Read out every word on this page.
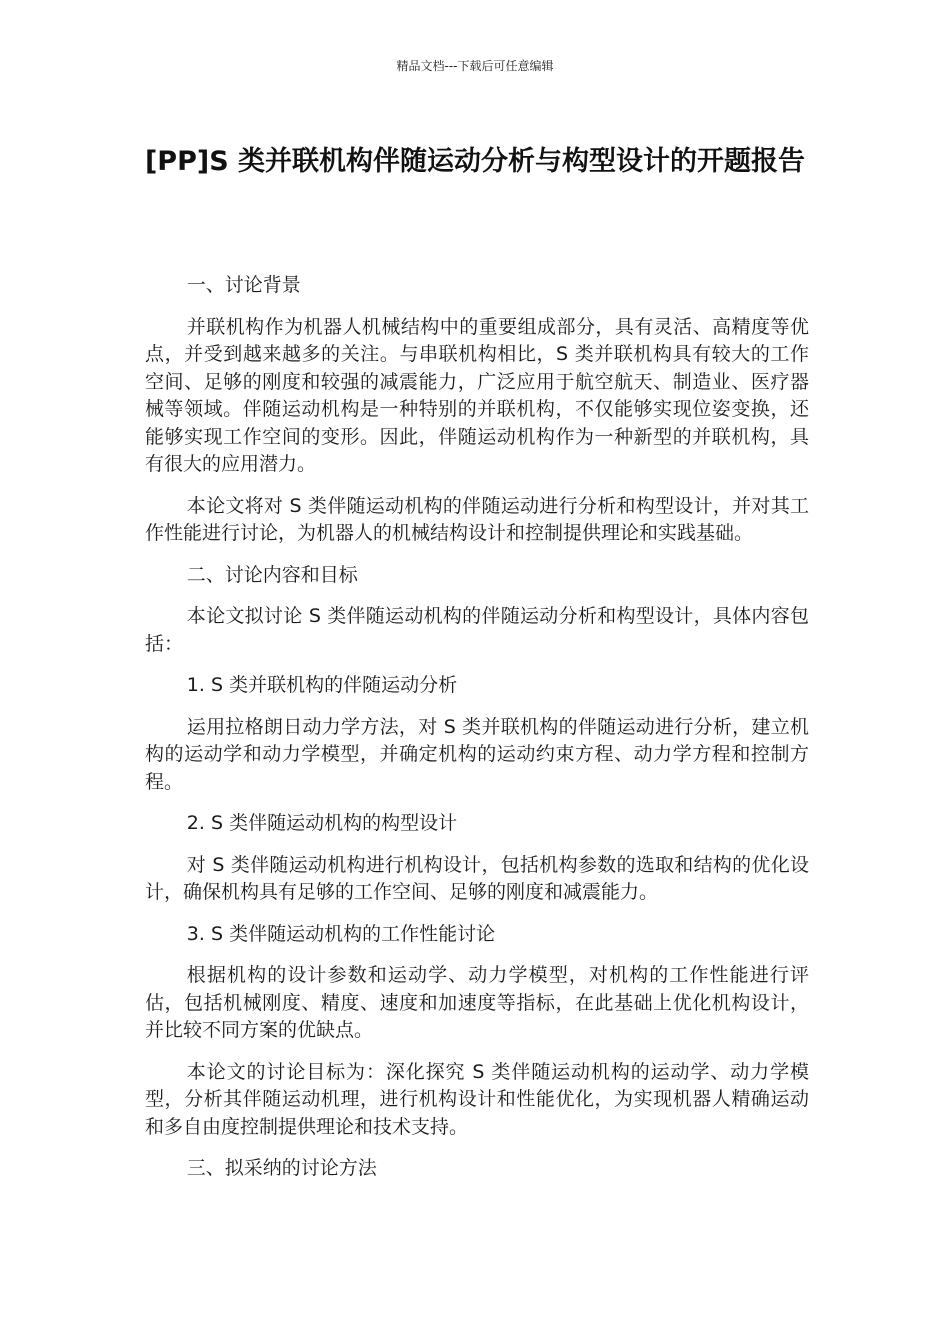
精品文档---下载后可任意编辑
[PP]S 类并联机构伴随运动分析与构型设计的开题报告

一、讨论背景

并联机构作为机器人机械结构中的重要组成部分，具有灵活、高精度等优点，并受到越来越多的关注。与串联机构相比，S 类并联机构具有较大的工作空间、足够的刚度和较强的减震能力，广泛应用于航空航天、制造业、医疗器械等领域。伴随运动机构是一种特别的并联机构，不仅能够实现位姿变换，还能够实现工作空间的变形。因此，伴随运动机构作为一种新型的并联机构，具有很大的应用潜力。

本论文将对 S 类伴随运动机构的伴随运动进行分析和构型设计，并对其工作性能进行讨论，为机器人的机械结构设计和控制提供理论和实践基础。

二、讨论内容和目标

本论文拟讨论 S 类伴随运动机构的伴随运动分析和构型设计，具体内容包括：

1. S 类并联机构的伴随运动分析

运用拉格朗日动力学方法，对 S 类并联机构的伴随运动进行分析，建立机构的运动学和动力学模型，并确定机构的运动约束方程、动力学方程和控制方程。

2. S 类伴随运动机构的构型设计

对 S 类伴随运动机构进行机构设计，包括机构参数的选取和结构的优化设计，确保机构具有足够的工作空间、足够的刚度和减震能力。

3. S 类伴随运动机构的工作性能讨论

根据机构的设计参数和运动学、动力学模型，对机构的工作性能进行评估，包括机械刚度、精度、速度和加速度等指标，在此基础上优化机构设计，并比较不同方案的优缺点。

本论文的讨论目标为：深化探究 S 类伴随运动机构的运动学、动力学模型，分析其伴随运动机理，进行机构设计和性能优化，为实现机器人精确运动和多自由度控制提供理论和技术支持。

三、拟采纳的讨论方法
